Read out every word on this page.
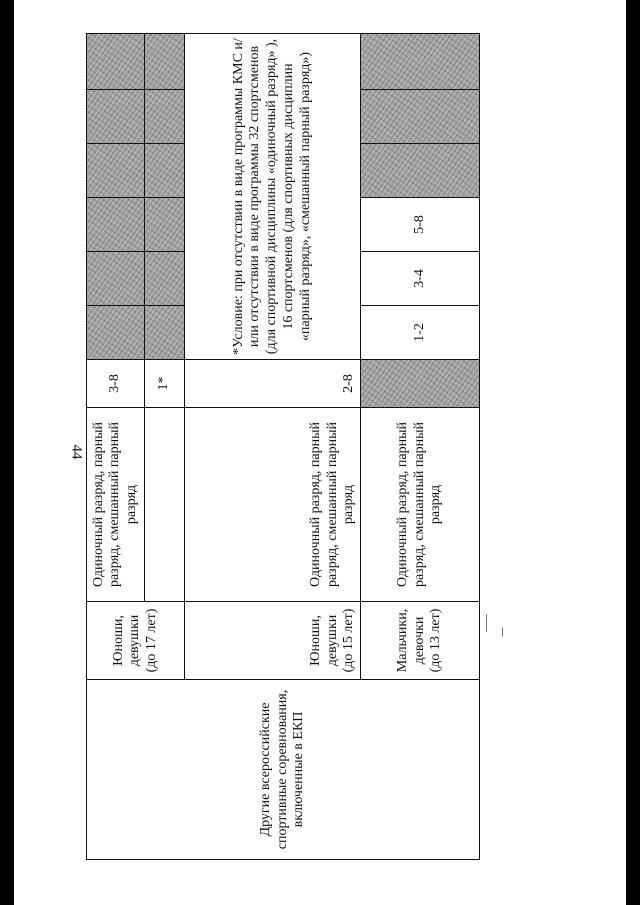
44
Другие всероссийские спортивные соревнования, включенные в ЕКП	Юноши, девушки (до 17 лет)	Одиночный разряд, парный разряд, смешанный парный разряд	3-8						
			1*						
	Юноши, девушки (до 15 лет)	Одиночный разряд, парный разряд, смешанный парный разряд	2-8	*Условие: при отсутствии в виде программы КМС и/или отсутствии в виде программы 32 спортсменов (для спортивной дисциплины «одиночный разряд» ), 16 спортсменов (для спортивных дисциплин «парный разряд», «смешанный парный разряд»)					
	Мальчики, девочки (до 13 лет)	Одиночный разряд, парный разряд, смешанный парный разряд		1-2	3-4	5-8			
